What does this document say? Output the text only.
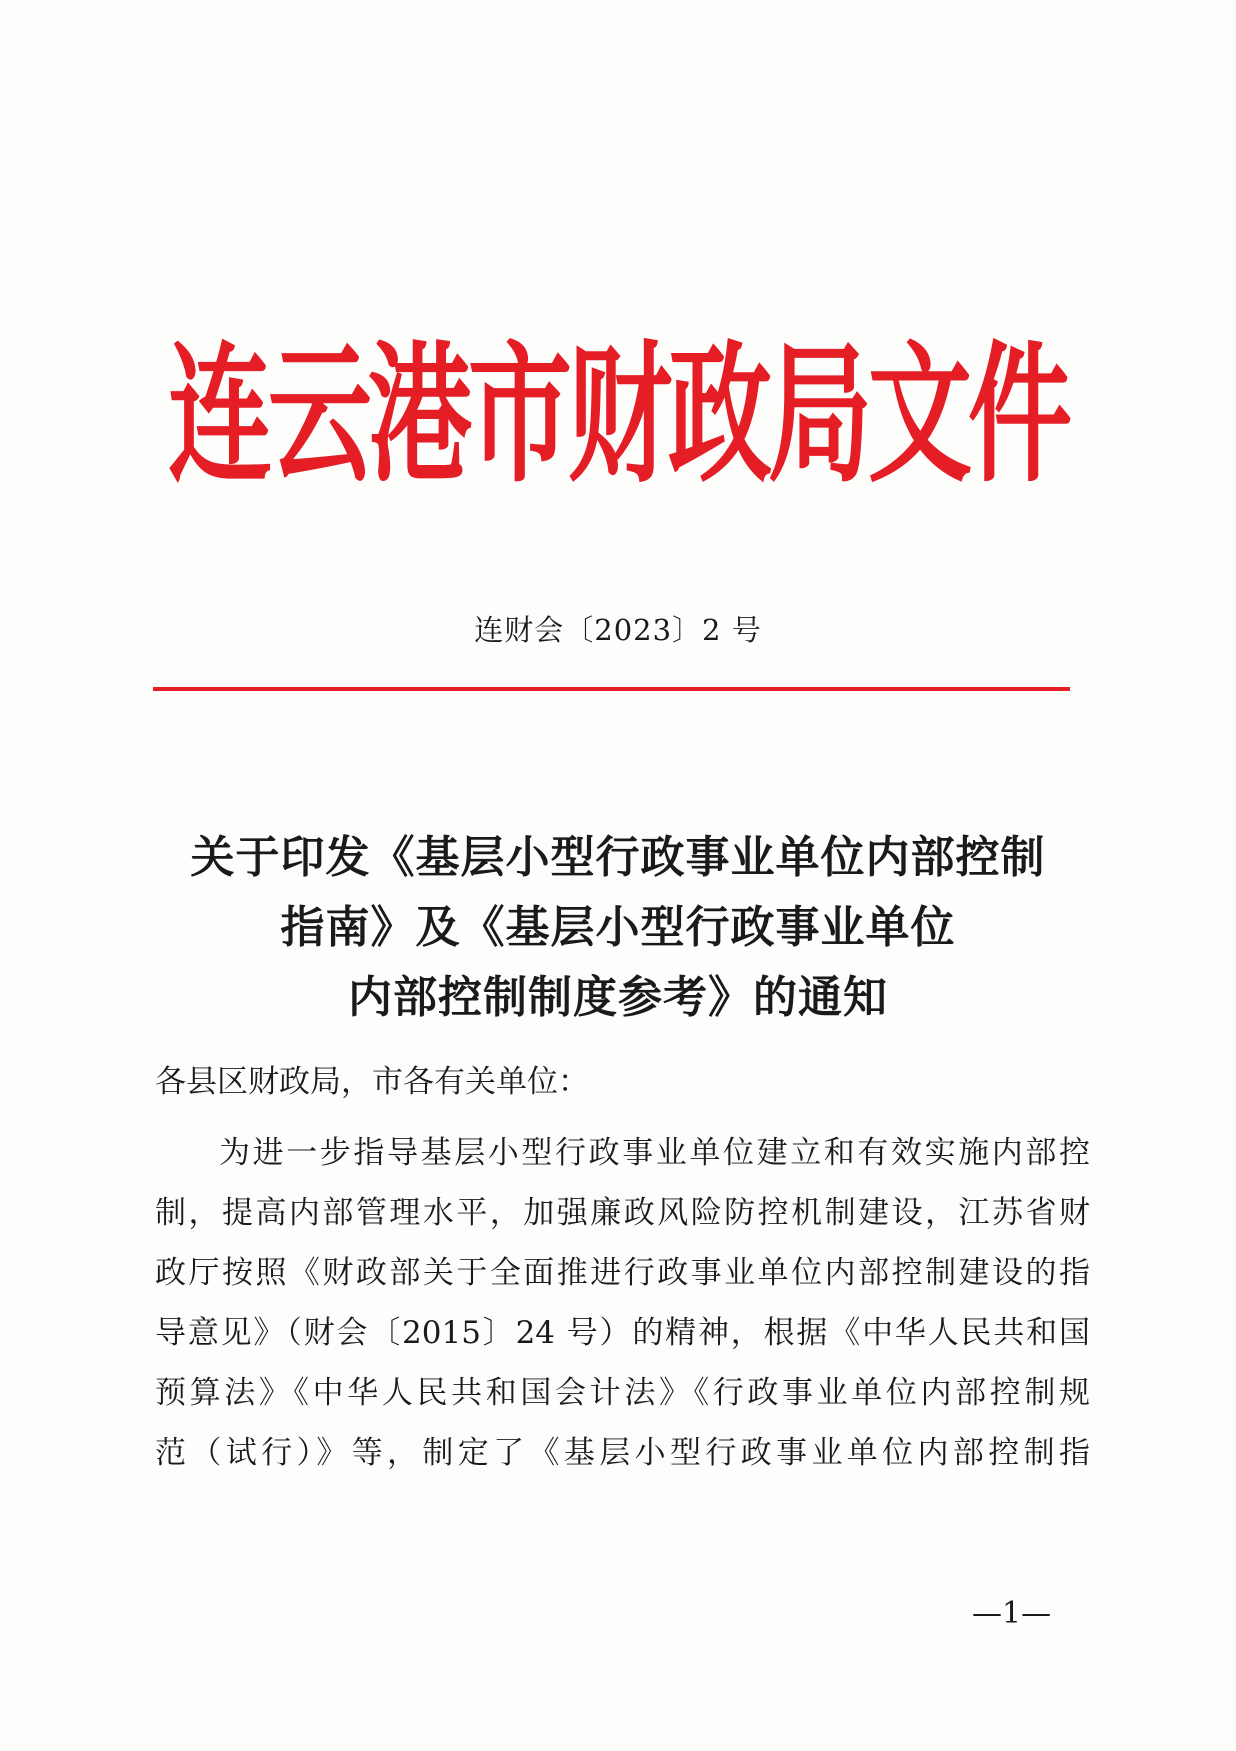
连云港市财政局文件
连财会〔2023〕2 号
关于印发《基层小型行政事业单位内部控制
指南》及《基层小型行政事业单位
内部控制制度参考》的通知
各县区财政局，市各有关单位：
为进一步指导基层小型行政事业单位建立和有效实施内部控
制，提高内部管理水平，加强廉政风险防控机制建设，江苏省财
政厅按照《财政部关于全面推进行政事业单位内部控制建设的指
导意见》（财会〔2015〕24 号）的精神，根据《中华人民共和国
预算法》《中华人民共和国会计法》《行政事业单位内部控制规
范（试行）》等，制定了《基层小型行政事业单位内部控制指
—1—
